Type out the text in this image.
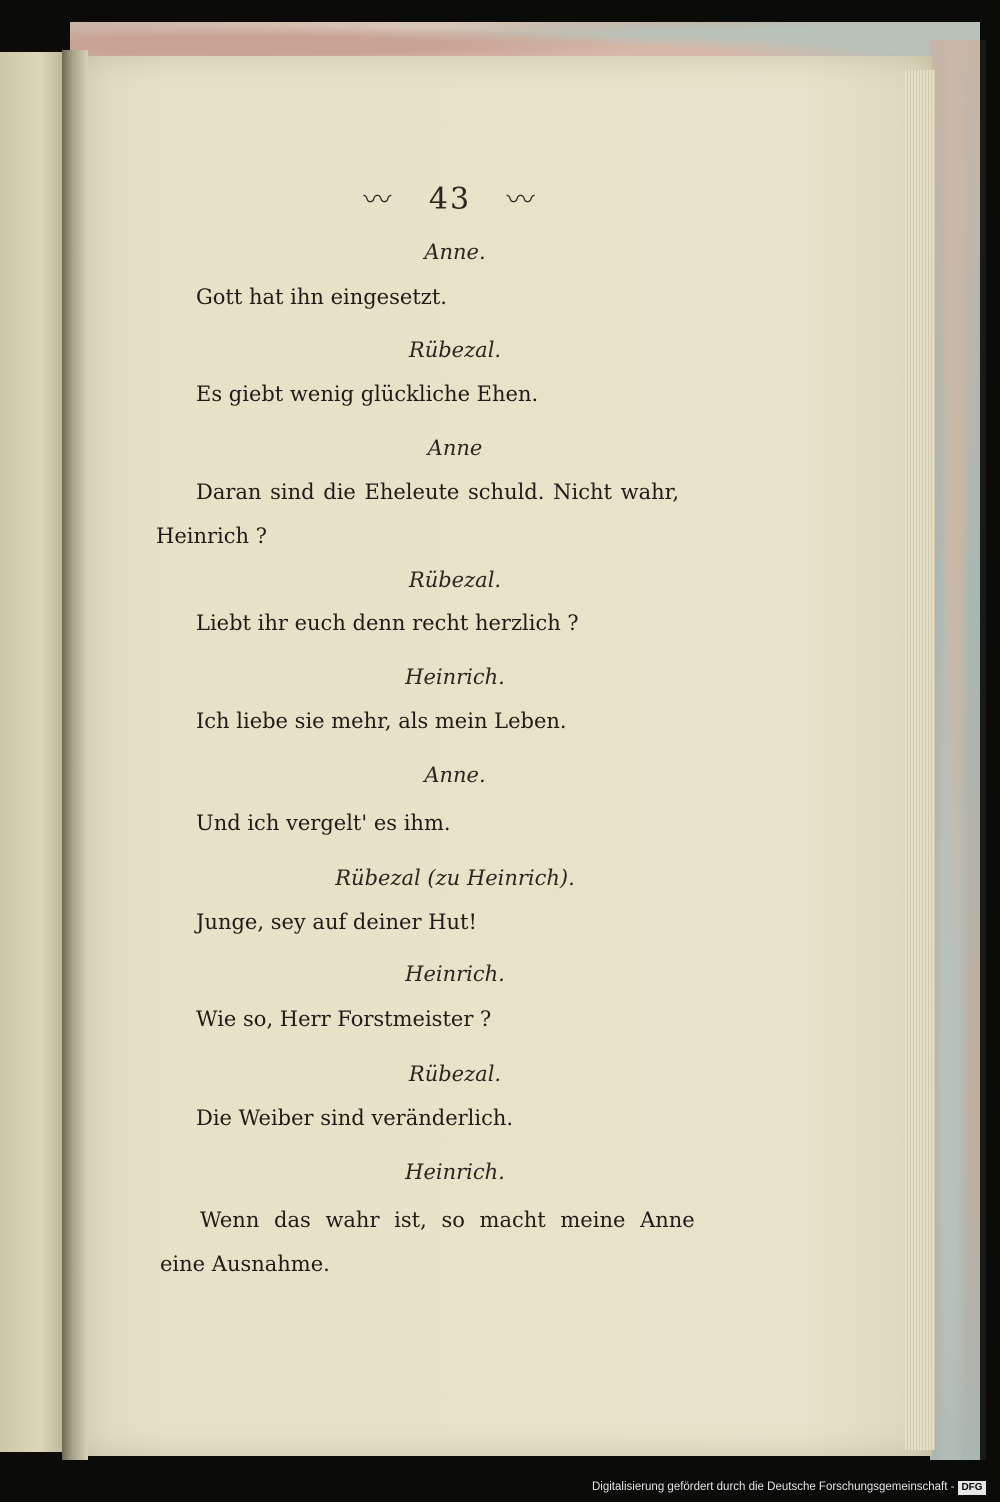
〰 43 〰
Anne.
Gott hat ihn eingesetzt.
Rübezal.
Es giebt wenig glückliche Ehen.
Anne
Daran sind die Eheleute schuld. Nicht wahr,
Heinrich ?
Rübezal.
Liebt ihr euch denn recht herzlich ?
Heinrich.
Ich liebe sie mehr, als mein Leben.
Anne.
Und ich vergelt' es ihm.
Rübezal (zu Heinrich).
Junge, sey auf deiner Hut!
Heinrich.
Wie so, Herr Forstmeister ?
Rübezal.
Die Weiber sind veränderlich.
Heinrich.
Wenn das wahr ist, so macht meine Anne
eine Ausnahme.
Digitalisierung gefördert durch die Deutsche Forschungsgemeinschaft - DFG
